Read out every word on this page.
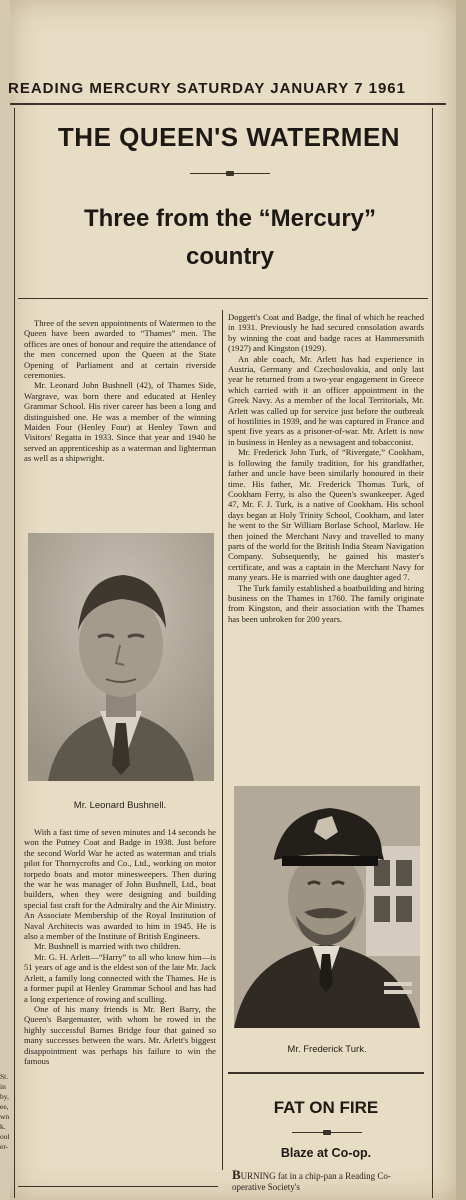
READING MERCURY SATURDAY JANUARY 7 1961
THE QUEEN'S WATERMEN
Three from the “Mercury”
country

Three of the seven appointments of Watermen to the Queen have been awarded to “Thames” men. The offices are ones of honour and require the attendance of the men concerned upon the Queen at the State Opening of Parliament and at certain riverside ceremonies.

Mr. Leonard John Bushnell (42), of Thames Side, Wargrave, was born there and educated at Henley Grammar School. His river career has been a long and distinguished one. He was a member of the winning Maiden Four (Henley Four) at Henley Town and Visitors' Regatta in 1933. Since that year and 1940 he served an apprenticeship as a waterman and lighterman as well as a shipwright.

Mr. Leonard Bushnell.

With a fast time of seven minutes and 14 seconds he won the Putney Coat and Badge in 1938. Just before the second World War he acted as waterman and trials pilot for Thornycrofts and Co., Ltd., working on motor torpedo boats and motor minesweepers. Then during the war he was manager of John Bushnell, Ltd., boat builders, when they were designing and building special fast craft for the Admiralty and the Air Ministry. An Associate Membership of the Royal Institution of Naval Architects was awarded to him in 1945. He is also a member of the Institute of British Engineers.

Mr. Bushnell is married with two children.

Mr. G. H. Arlett—“Harry” to all who know him—is 51 years of age and is the eldest son of the late Mr. Jack Arlett, a family long connected with the Thames. He is a former pupil at Henley Grammar School and has had a long experience of rowing and sculling.

One of his many friends is Mr. Bert Barry, the Queen's Bargemaster, with whom he rowed in the highly successful Barnes Bridge four that gained so many successes between the wars. Mr. Arlett's biggest disappointment was perhaps his failure to win the famous

Doggett's Coat and Badge, the final of which he reached in 1931. Previously he had secured consolation awards by winning the coat and badge races at Hammersmith (1927) and Kingston (1929).

An able coach, Mr. Arlett has had experience in Austria, Germany and Czechoslovakia, and only last year he returned from a two-year engagement in Greece which carried with it an officer appointment in the Greek Navy. As a member of the local Territorials, Mr. Arlett was called up for service just before the outbreak of hostilities in 1939, and he was captured in France and spent five years as a prisoner-of-war. Mr. Arlett is now in business in Henley as a newsagent and tobacconist.

Mr. Frederick John Turk, of “Rivergate,” Cookham, is following the family tradition, for his grandfather, father and uncle have been similarly honoured in their time. His father, Mr. Frederick Thomas Turk, of Cookham Ferry, is also the Queen's swankeeper. Aged 47, Mr. F. J. Turk, is a native of Cookham. His school days began at Holy Trinity School, Cookham, and later he went to the Sir William Borlase School, Marlow. He then joined the Merchant Navy and travelled to many parts of the world for the British India Steam Navigation Company. Subsequently, he gained his master's certificate, and was a captain in the Merchant Navy for many years. He is married with one daughter aged 7.

The Turk family established a boatbuilding and hiring business on the Thames in 1760. The family originate from Kingston, and their association with the Thames has been unbroken for 200 years.

Mr. Frederick Turk.
FAT ON FIRE
Blaze at Co-op.
BURNING fat in a chip-pan a Reading Co-operative Society's
St. in by, ee, wn k. ool er-
